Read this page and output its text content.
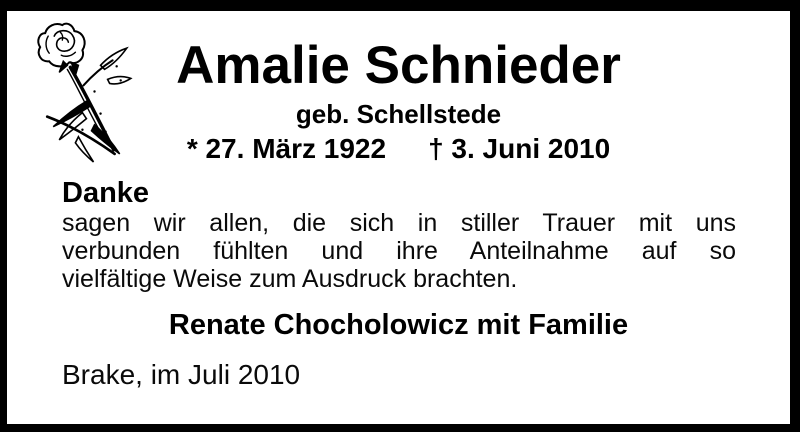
Amalie Schnieder
geb. Schellstede
* 27. März 1922 † 3. Juni 2010
Danke
sagen wir allen, die sich in stiller Trauer mit uns
verbunden fühlten und ihre Anteilnahme auf so
vielfältige Weise zum Ausdruck brachten.
Renate Chocholowicz mit Familie
Brake, im Juli 2010
